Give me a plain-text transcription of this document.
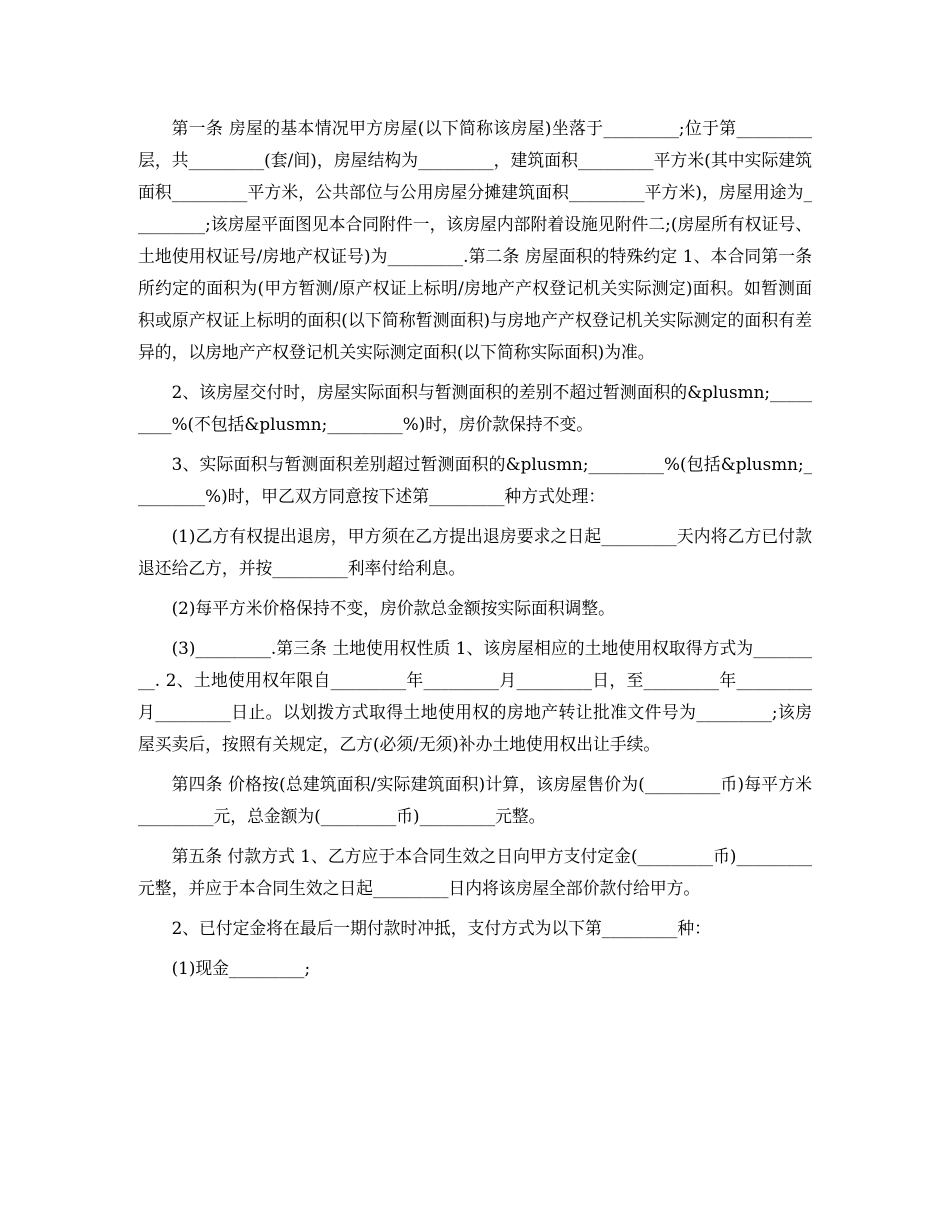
第一条 房屋的基本情况甲方房屋(以下简称该房屋)坐落于_________;位于第_________层，共_________(套/间)，房屋结构为_________，建筑面积_________平方米(其中实际建筑面积_________平方米，公共部位与公用房屋分摊建筑面积_________平方米)，房屋用途为_________;该房屋平面图见本合同附件一，该房屋内部附着设施见附件二;(房屋所有权证号、土地使用权证号/房地产权证号)为_________.第二条 房屋面积的特殊约定 1、本合同第一条所约定的面积为(甲方暂测/原产权证上标明/房地产产权登记机关实际测定)面积。如暂测面积或原产权证上标明的面积(以下简称暂测面积)与房地产产权登记机关实际测定的面积有差异的，以房地产产权登记机关实际测定面积(以下简称实际面积)为准。

2、该房屋交付时，房屋实际面积与暂测面积的差别不超过暂测面积的&plusmn;_________%(不包括&plusmn;_________%)时，房价款保持不变。

3、实际面积与暂测面积差别超过暂测面积的&plusmn;_________%(包括&plusmn;_________%)时，甲乙双方同意按下述第_________种方式处理：

(1)乙方有权提出退房，甲方须在乙方提出退房要求之日起_________天内将乙方已付款退还给乙方，并按_________利率付给利息。

(2)每平方米价格保持不变，房价款总金额按实际面积调整。

(3)_________.第三条 土地使用权性质 1、该房屋相应的土地使用权取得方式为_________. 2、土地使用权年限自_________年_________月_________日，至_________年_________月_________日止。以划拨方式取得土地使用权的房地产转让批准文件号为_________;该房屋买卖后，按照有关规定，乙方(必须/无须)补办土地使用权出让手续。

第四条 价格按(总建筑面积/实际建筑面积)计算，该房屋售价为(_________币)每平方米_________元，总金额为(_________币)_________元整。

第五条 付款方式 1、乙方应于本合同生效之日向甲方支付定金(_________币)_________元整，并应于本合同生效之日起_________日内将该房屋全部价款付给甲方。

2、已付定金将在最后一期付款时冲抵，支付方式为以下第_________种：

(1)现金_________;
